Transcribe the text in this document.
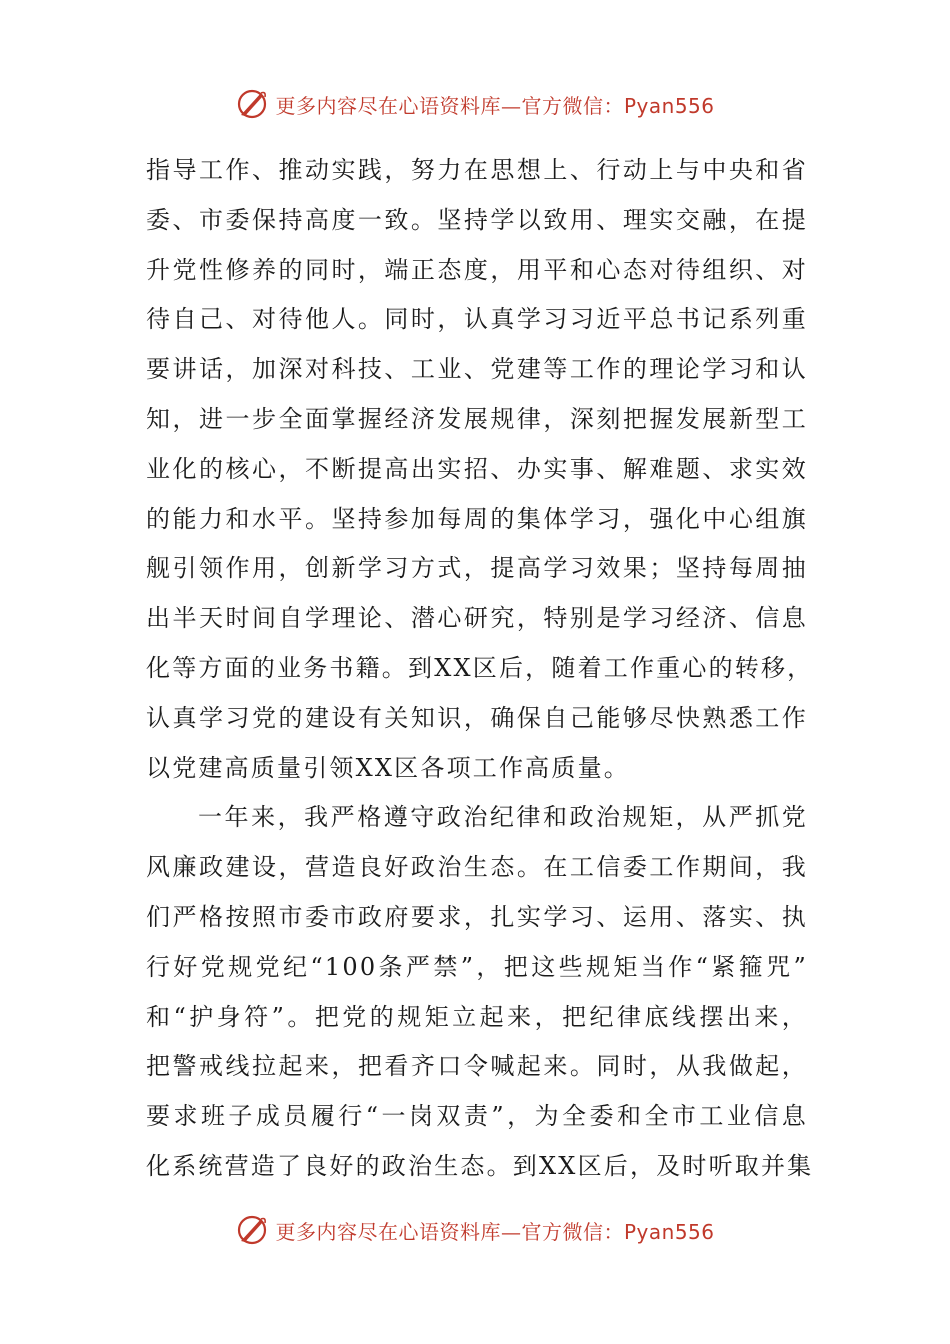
更多内容尽在心语资料库—官方微信：Pyan556
指导工作、推动实践，努力在思想上、行动上与中央和省
委、市委保持高度一致。坚持学以致用、理实交融，在提
升党性修养的同时，端正态度，用平和心态对待组织、对
待自己、对待他人。同时，认真学习习近平总书记系列重
要讲话，加深对科技、工业、党建等工作的理论学习和认
知，进一步全面掌握经济发展规律，深刻把握发展新型工
业化的核心，不断提高出实招、办实事、解难题、求实效
的能力和水平。坚持参加每周的集体学习，强化中心组旗
舰引领作用，创新学习方式，提高学习效果；坚持每周抽
出半天时间自学理论、潜心研究，特别是学习经济、信息
化等方面的业务书籍。到XX区后，随着工作重心的转移，
认真学习党的建设有关知识，确保自己能够尽快熟悉工作
以党建高质量引领XX区各项工作高质量。
一年来，我严格遵守政治纪律和政治规矩，从严抓党
风廉政建设，营造良好政治生态。在工信委工作期间，我
们严格按照市委市政府要求，扎实学习、运用、落实、执
行好党规党纪“100条严禁”，把这些规矩当作“紧箍咒”
和“护身符”。把党的规矩立起来，把纪律底线摆出来，
把警戒线拉起来，把看齐口令喊起来。同时，从我做起，
要求班子成员履行“一岗双责”，为全委和全市工业信息
化系统营造了良好的政治生态。到XX区后，及时听取并集
更多内容尽在心语资料库—官方微信：Pyan556
